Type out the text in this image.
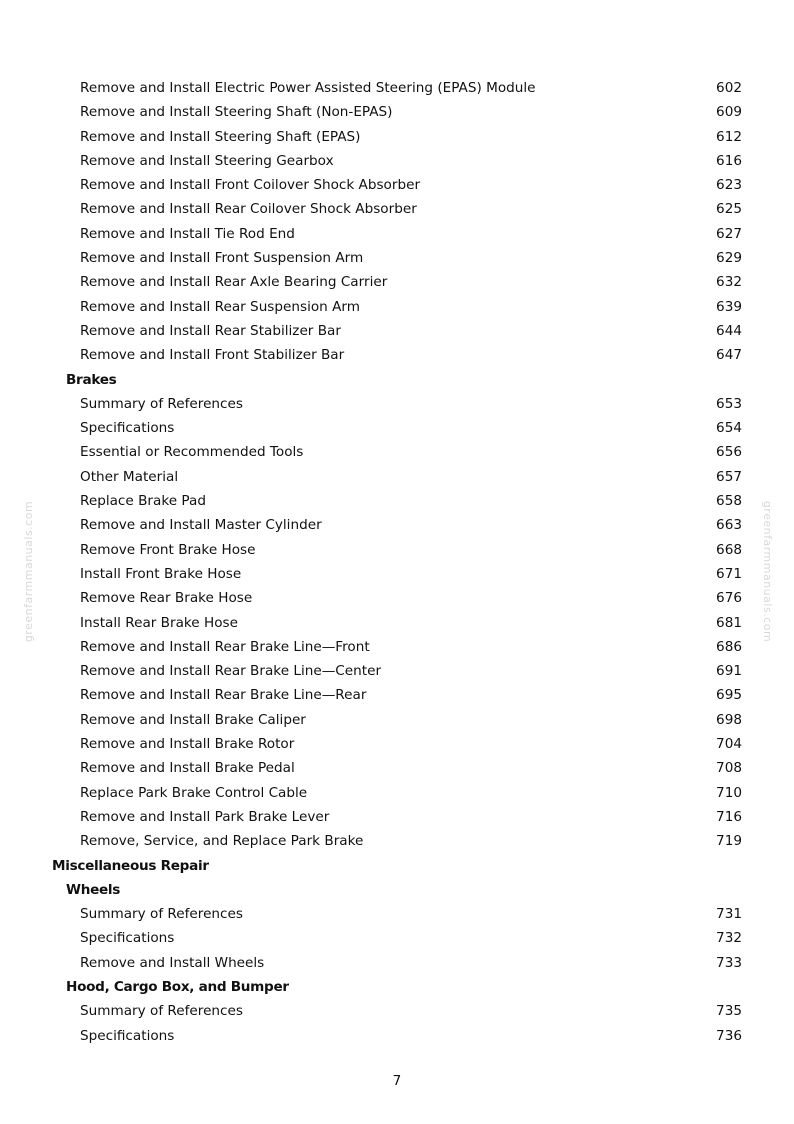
greenfarmmanuals.com	greenfarmmanuals.com
Remove and Install Electric Power Assisted Steering (EPAS) Module	602
Remove and Install Steering Shaft (Non-EPAS)	609
Remove and Install Steering Shaft (EPAS)	612
Remove and Install Steering Gearbox	616
Remove and Install Front Coilover Shock Absorber	623
Remove and Install Rear Coilover Shock Absorber	625
Remove and Install Tie Rod End	627
Remove and Install Front Suspension Arm	629
Remove and Install Rear Axle Bearing Carrier	632
Remove and Install Rear Suspension Arm	639
Remove and Install Rear Stabilizer Bar	644
Remove and Install Front Stabilizer Bar	647
Brakes
Summary of References	653
Specifications	654
Essential or Recommended Tools	656
Other Material	657
Replace Brake Pad	658
Remove and Install Master Cylinder	663
Remove Front Brake Hose	668
Install Front Brake Hose	671
Remove Rear Brake Hose	676
Install Rear Brake Hose	681
Remove and Install Rear Brake Line—Front	686
Remove and Install Rear Brake Line—Center	691
Remove and Install Rear Brake Line—Rear	695
Remove and Install Brake Caliper	698
Remove and Install Brake Rotor	704
Remove and Install Brake Pedal	708
Replace Park Brake Control Cable	710
Remove and Install Park Brake Lever	716
Remove, Service, and Replace Park Brake	719
Miscellaneous Repair
Wheels
Summary of References	731
Specifications	732
Remove and Install Wheels	733
Hood, Cargo Box, and Bumper
Summary of References	735
Specifications	736
7
